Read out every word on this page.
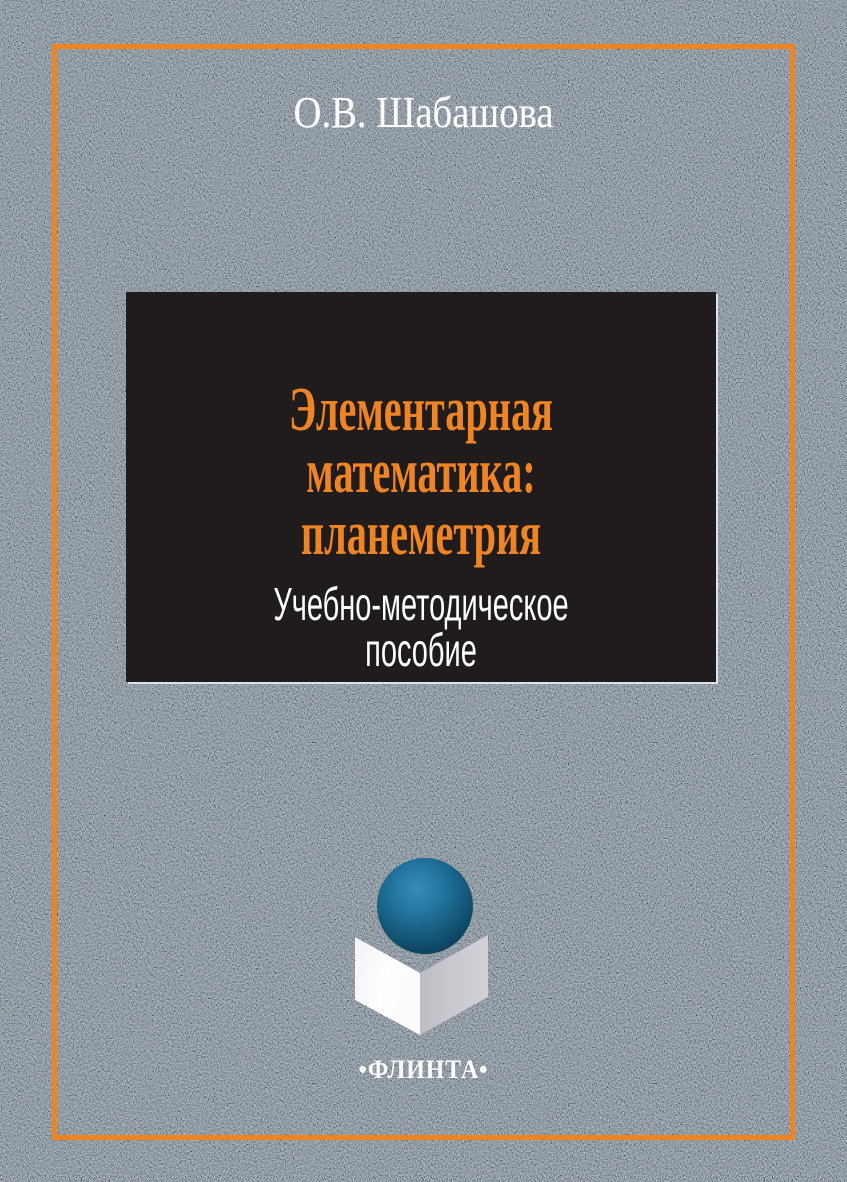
О.В. Шабашова
Элементарная математика:
планеметрия
Учебно-методическое пособие
•ФЛИНТА•
